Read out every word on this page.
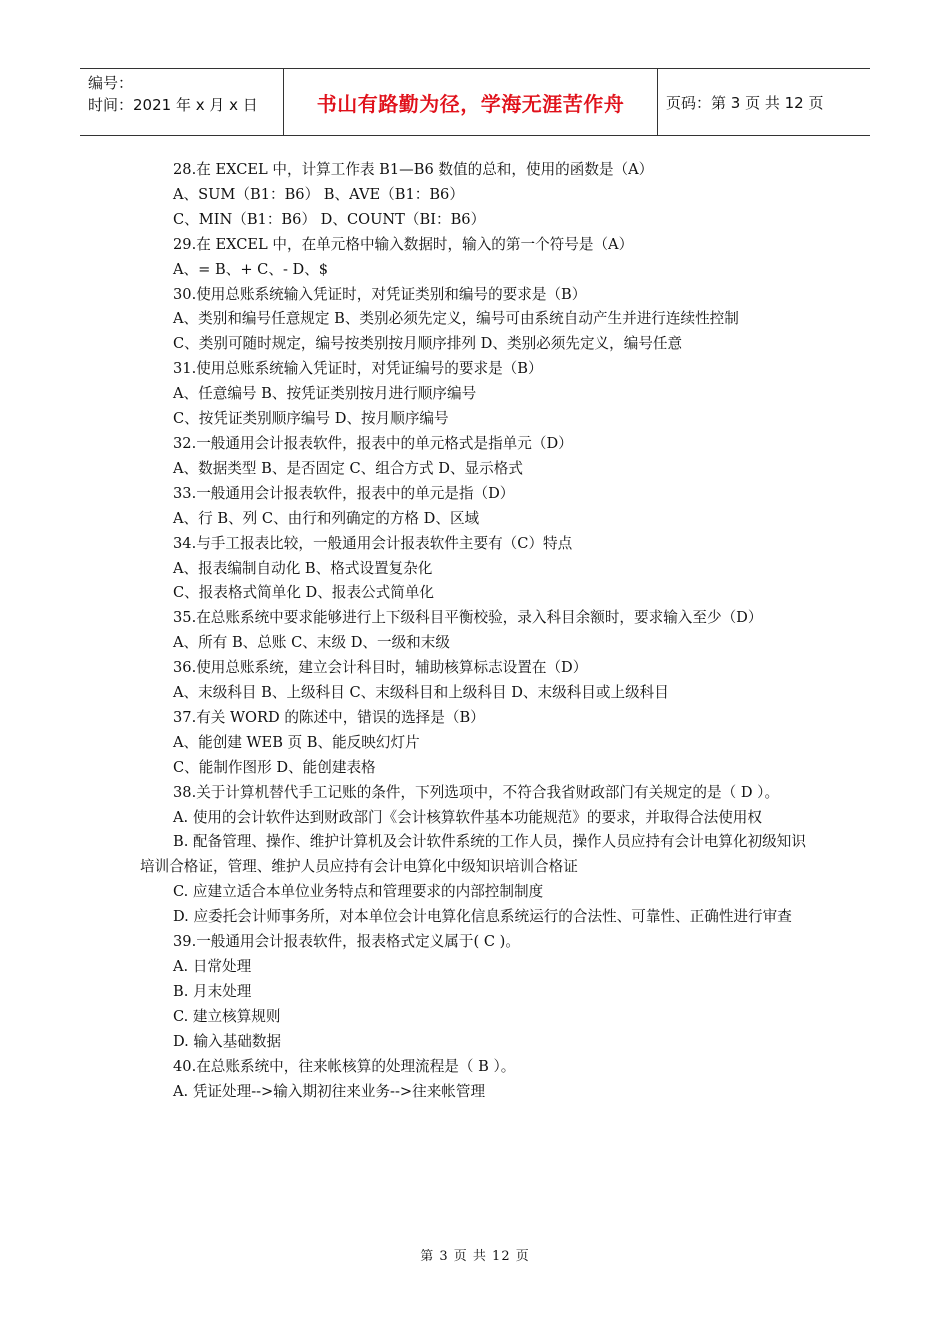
编号：
时间：2021 年 x 月 x 日	书山有路勤为径，学海无涯苦作舟	页码：第 3 页 共 12 页

28.在 EXCEL 中，计算工作表 B1—B6 数值的总和，使用的函数是（A）

A、SUM（B1：B6） B、AVE（B1：B6）

C、MIN（B1：B6） D、COUNT（BI：B6）

29.在 EXCEL 中，在单元格中输入数据时，输入的第一个符号是（A）

A、= B、+ C、- D、$

30.使用总账系统输入凭证时，对凭证类别和编号的要求是（B）

A、类别和编号任意规定 B、类别必须先定义，编号可由系统自动产生并进行连续性控制

C、类别可随时规定，编号按类别按月顺序排列 D、类别必须先定义，编号任意

31.使用总账系统输入凭证时，对凭证编号的要求是（B）

A、任意编号 B、按凭证类别按月进行顺序编号

C、按凭证类别顺序编号 D、按月顺序编号

32.一般通用会计报表软件，报表中的单元格式是指单元（D）

A、数据类型 B、是否固定 C、组合方式 D、显示格式

33.一般通用会计报表软件，报表中的单元是指（D）

A、行 B、列 C、由行和列确定的方格 D、区域

34.与手工报表比较，一般通用会计报表软件主要有（C）特点

A、报表编制自动化 B、格式设置复杂化

C、报表格式简单化 D、报表公式简单化

35.在总账系统中要求能够进行上下级科目平衡校验，录入科目余额时，要求输入至少（D）

A、所有 B、总账 C、末级 D、一级和末级

36.使用总账系统，建立会计科目时，辅助核算标志设置在（D）

A、末级科目 B、上级科目 C、末级科目和上级科目 D、末级科目或上级科目

37.有关 WORD 的陈述中，错误的选择是（B）

A、能创建 WEB 页 B、能反映幻灯片

C、能制作图形 D、能创建表格

38.关于计算机替代手工记账的条件，下列选项中，不符合我省财政部门有关规定的是（ D ）。

A. 使用的会计软件达到财政部门《会计核算软件基本功能规范》的要求，并取得合法使用权

B. 配备管理、操作、维护计算机及会计软件系统的工作人员，操作人员应持有会计电算化初级知识培训合格证，管理、维护人员应持有会计电算化中级知识培训合格证

C. 应建立适合本单位业务特点和管理要求的内部控制制度

D. 应委托会计师事务所，对本单位会计电算化信息系统运行的合法性、可靠性、正确性进行审查

39.一般通用会计报表软件，报表格式定义属于( C )。

A. 日常处理

B. 月末处理

C. 建立核算规则

D. 输入基础数据

40.在总账系统中，往来帐核算的处理流程是（ B ）。

A. 凭证处理-->输入期初往来业务-->往来帐管理

第 3 页 共 12 页
